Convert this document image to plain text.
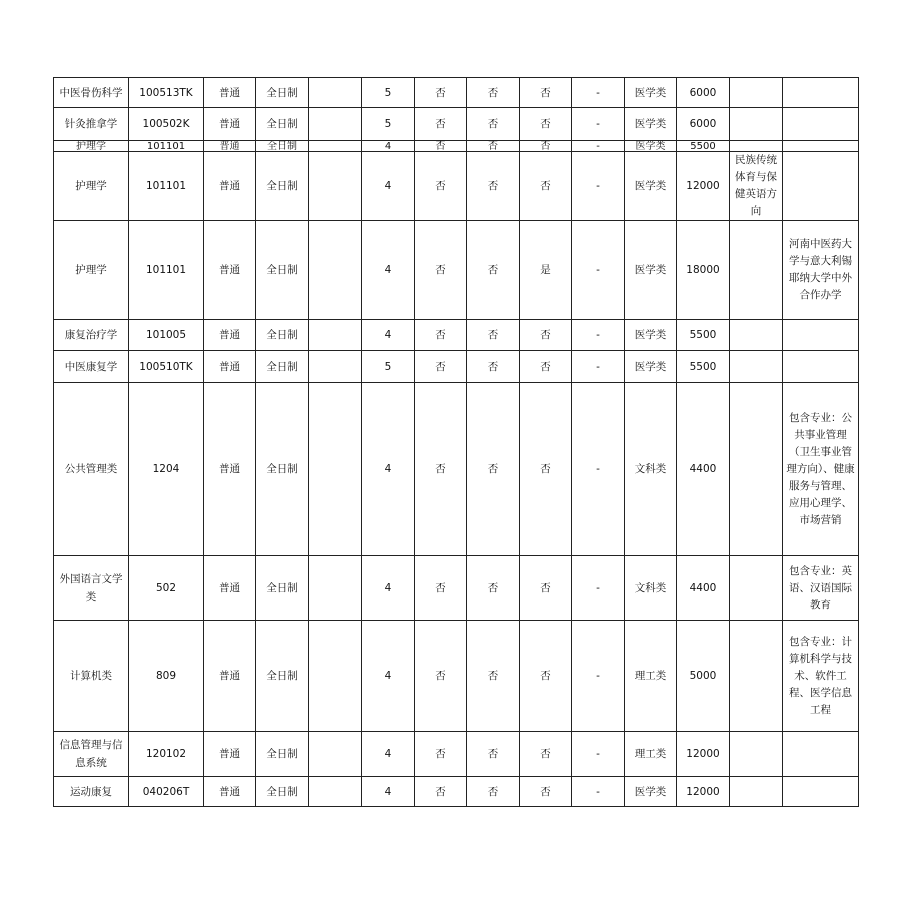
中医骨伤科学	100513TK	普通	全日制		5	否	否	否	-	医学类	6000		
针灸推拿学	100502K	普通	全日制		5	否	否	否	-	医学类	6000		
护理学	101101	普通	全日制		4	否	否	否	-	医学类	5500		
护理学	101101	普通	全日制		4	否	否	否	-	医学类	12000	民族传统体育与保健英语方向	
护理学	101101	普通	全日制		4	否	否	是	-	医学类	18000		河南中医药大学与意大利锡耶纳大学中外合作办学
康复治疗学	101005	普通	全日制		4	否	否	否	-	医学类	5500		
中医康复学	100510TK	普通	全日制		5	否	否	否	-	医学类	5500		
公共管理类	1204	普通	全日制		4	否	否	否	-	文科类	4400		包含专业：公共事业管理（卫生事业管理方向）、健康服务与管理、应用心理学、市场营销
外国语言文学类	502	普通	全日制		4	否	否	否	-	文科类	4400		包含专业：英语、汉语国际教育
计算机类	809	普通	全日制		4	否	否	否	-	理工类	5000		包含专业：计算机科学与技术、软件工程、医学信息工程
信息管理与信息系统	120102	普通	全日制		4	否	否	否	-	理工类	12000		
运动康复	040206T	普通	全日制		4	否	否	否	-	医学类	12000		
